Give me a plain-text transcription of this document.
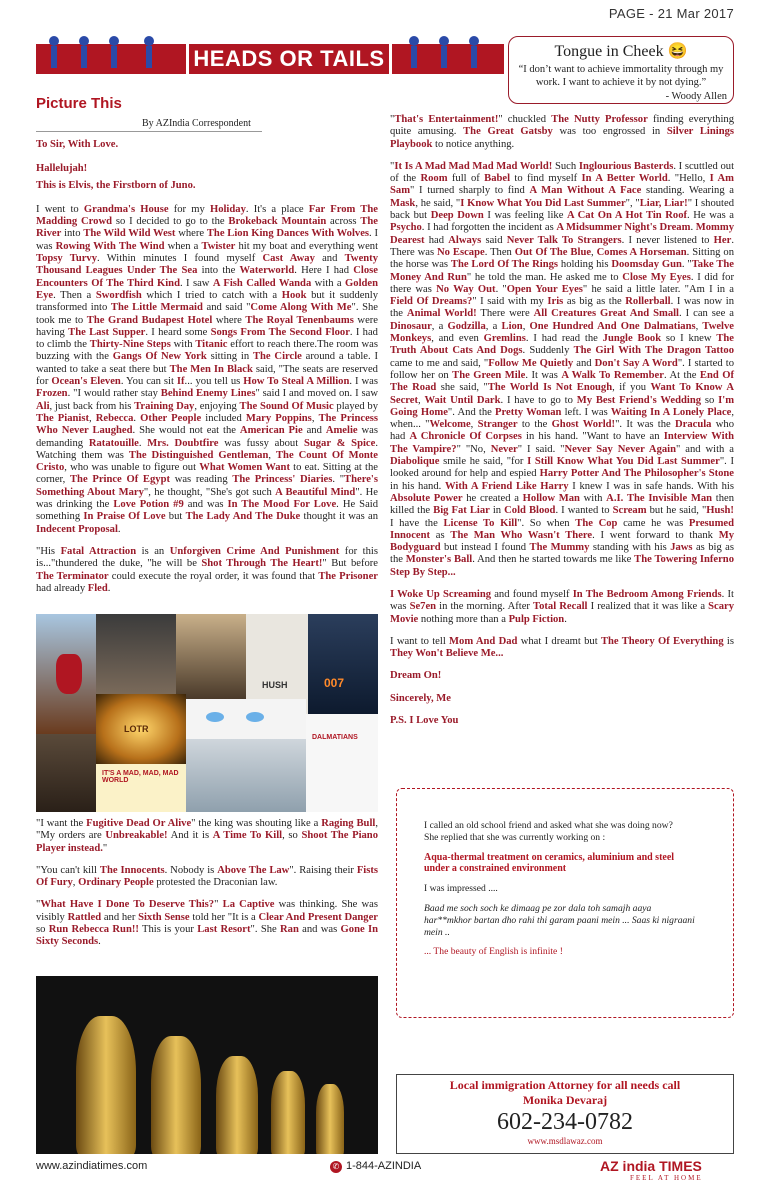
PAGE - 21 Mar 2017
HEADS OR TAILS	Tongue in Cheek 😆
“I don’t want to achieve immortality through my work. I want to achieve it by not dying.”
- Woody Allen
Picture This
By AZIndia Correspondent

To Sir, With Love.

Hallelujah!

This is Elvis, the Firstborn of Juno.

I went to Grandma's House for my Holiday. It's a place Far From The Madding Crowd so I decided to go to the Brokeback Mountain across The River into The Wild Wild West where The Lion King Dances With Wolves. I was Rowing With The Wind when a Twister hit my boat and everything went Topsy Turvy. Within minutes I found myself Cast Away and Twenty Thousand Leagues Under The Sea into the Waterworld. Here I had Close Encounters Of The Third Kind. I saw A Fish Called Wanda with a Golden Eye. Then a Swordfish which I tried to catch with a Hook but it suddenly transformed into The Little Mermaid and said "Come Along With Me". She took me to The Grand Budapest Hotel where The Royal Tenenbaums were having The Last Supper. I heard some Songs From The Second Floor. I had to climb the Thirty-Nine Steps with Titanic effort to reach there.The room was buzzing with the Gangs Of New York sitting in The Circle around a table. I wanted to take a seat there but The Men In Black said, "The seats are reserved for Ocean's Eleven. You can sit If... you tell us How To Steal A Million. I was Frozen. "I would rather stay Behind Enemy Lines" said I and moved on. I saw Ali, just back from his Training Day, enjoying The Sound Of Music played by The Pianist, Rebecca. Other People included Mary Poppins, The Princess Who Never Laughed. She would not eat the American Pie and Amelie was demanding Ratatouille. Mrs. Doubtfire was fussy about Sugar & Spice. Watching them was The Distinguished Gentleman, The Count Of Monte Cristo, who was unable to figure out What Women Want to eat. Sitting at the corner, The Prince Of Egypt was reading The Princess' Diaries. "There's Something About Mary", he thought, "She's got such A Beautiful Mind". He was drinking the Love Potion #9 and was In The Mood For Love. He Said something In Praise Of Love but The Lady And The Duke thought it was an Indecent Proposal.

"His Fatal Attraction is an Unforgiven Crime And Punishment for this is..."thundered the duke, "he will be Shot Through The Heart!" But before The Terminator could execute the royal order, it was found that The Prisoner had already Fled.

HUSH	007
LOTR
DALMATIANS
IT'S A MAD, MAD, MAD WORLD

"I want the Fugitive Dead Or Alive" the king was shouting like a Raging Bull, "My orders are Unbreakable! And it is A Time To Kill, so Shoot The Piano Player instead."

"You can't kill The Innocents. Nobody is Above The Law". Raising their Fists Of Fury, Ordinary People protested the Draconian law.

"What Have I Done To Deserve This?" La Captive was thinking. She was visibly Rattled and her Sixth Sense told her "It is a Clear And Present Danger so Run Rebecca Run!! This is your Last Resort". She Ran and was Gone In Sixty Seconds.

"That's Entertainment!" chuckled The Nutty Professor finding everything quite amusing. The Great Gatsby was too engrossed in Silver Linings Playbook to notice anything.

"It Is A Mad Mad Mad Mad World! Such Inglourious Basterds. I scuttled out of the Room full of Babel to find myself In A Better World. "Hello, I Am Sam" I turned sharply to find A Man Without A Face standing. Wearing a Mask, he said, "I Know What You Did Last Summer", "Liar, Liar!" I shouted back but Deep Down I was feeling like A Cat On A Hot Tin Roof. He was a Psycho. I had forgotten the incident as A Midsummer Night's Dream. Mommy Dearest had Always said Never Talk To Strangers. I never listened to Her. There was No Escape. Then Out Of The Blue, Comes A Horseman. Sitting on the horse was The Lord Of The Rings holding his Doomsday Gun. "Take The Money And Run" he told the man. He asked me to Close My Eyes. I did for there was No Way Out. "Open Your Eyes" he said a little later. "Am I in a Field Of Dreams?" I said with my Iris as big as the Rollerball. I was now in the Animal World! There were All Creatures Great And Small. I can see a Dinosaur, a Godzilla, a Lion, One Hundred And One Dalmatians, Twelve Monkeys, and even Gremlins. I had read the Jungle Book so I knew The Truth About Cats And Dogs. Suddenly The Girl With The Dragon Tattoo came to me and said, "Follow Me Quietly and Don't Say A Word". I started to follow her on The Green Mile. It was A Walk To Remember. At the End Of The Road she said, "The World Is Not Enough, if you Want To Know A Secret, Wait Until Dark. I have to go to My Best Friend's Wedding so I'm Going Home". And the Pretty Woman left. I was Waiting In A Lonely Place, when... "Welcome, Stranger to the Ghost World!". It was the Dracula who had A Chronicle Of Corpses in his hand. "Want to have an Interview With The Vampire?" "No, Never" I said. "Never Say Never Again" and with a Diabolique smile he said, "for I Still Know What You Did Last Summer". I looked around for help and espied Harry Potter And The Philosopher's Stone in his hand. With A Friend Like Harry I knew I was in safe hands. With his Absolute Power he created a Hollow Man with A.I. The Invisible Man then killed the Big Fat Liar in Cold Blood. I wanted to Scream but he said, "Hush! I have the License To Kill". So when The Cop came he was Presumed Innocent as The Man Who Wasn't There. I went forward to thank My Bodyguard but instead I found The Mummy standing with his Jaws as big as the Monster's Ball. And then he started towards me like The Towering Inferno Step By Step...

I Woke Up Screaming and found myself In The Bedroom Among Friends. It was Se7en in the morning. After Total Recall I realized that it was like a Scary Movie nothing more than a Pulp Fiction.

I want to tell Mom And Dad what I dreamt but The Theory Of Everything is They Won't Believe Me...

Dream On!

Sincerely, Me

P.S. I Love You

I called an old school friend and asked what she was doing now?
She replied that she was currently working on :

Aqua-thermal treatment on ceramics, aluminium and steel under a constrained environment

I was impressed ....

Baad me soch soch ke dimaag pe zor dala toh samajh aaya har**mkhor bartan dho rahi thi garam paani mein ... Saas ki nigraani mein ..

... The beauty of English is infinite !

Local immigration Attorney for all needs call
Monika Devaraj
602-234-0782
www.msdlawaz.com
www.azindiatimes.com	✆ 1-844-AZINDIA	AZ india TIMES
FEEL AT HOME
